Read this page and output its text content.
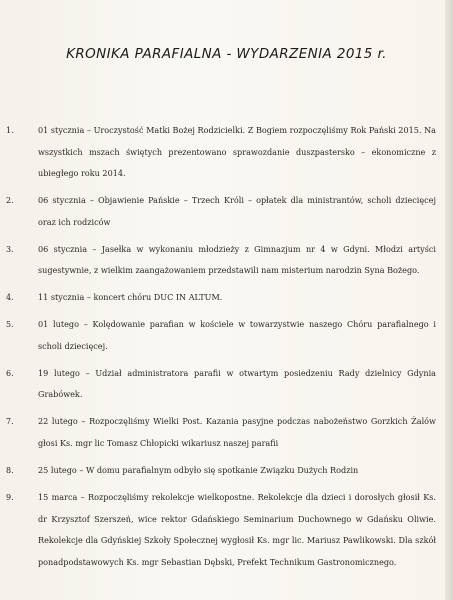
KRONIKA PARAFIALNA - WYDARZENIA 2015 r.
1.	01 stycznia – Uroczystość Matki Bożej Rodzicielki. Z Bogiem rozpoczęliśmy Rok Pański 2015. Na wszystkich mszach świętych prezentowano sprawozdanie duszpastersko – ekonomiczne z ubiegłego roku 2014.
2.	06 stycznia – Objawienie Pańskie – Trzech Króli – opłatek dla ministrantów, scholi dziecięcej oraz ich rodziców
3.	06 stycznia – Jasełka w wykonaniu młodzieży z Gimnazjum nr 4 w Gdyni. Młodzi artyści sugestywnie, z wielkim zaangażowaniem przedstawili nam misterium narodzin Syna Bożego.
4.	11 stycznia – koncert chóru DUC IN ALTUM.
5.	01 lutego – Kolędowanie parafian w kościele w towarzystwie naszego Chóru parafialnego i scholi dziecięcej.
6.	19 lutego – Udział administratora parafii w otwartym posiedzeniu Rady dzielnicy Gdynia Grabówek.
7.	22 lutego – Rozpoczęliśmy Wielki Post. Kazania pasyjne podczas nabożeństwo Gorzkich Żalów głosi Ks. mgr lic Tomasz Chłopicki wikariusz naszej parafii
8.	25 lutego – W domu parafialnym odbyło się spotkanie Związku Dużych Rodzin
9.	15 marca – Rozpoczęliśmy rekolekcje wielkopostne. Rekolekcje dla dzieci i dorosłych głosił Ks. dr Krzysztof Szerszeń, wice rektor Gdańskiego Seminarium Duchownego w Gdańsku Oliwie. Rekolekcje dla Gdyńskiej Szkoły Społecznej wygłosił Ks. mgr lic. Mariusz Pawlikowski. Dla szkół ponadpodstawowych Ks. mgr Sebastian Dębski, Prefekt Technikum Gastronomicznego.
